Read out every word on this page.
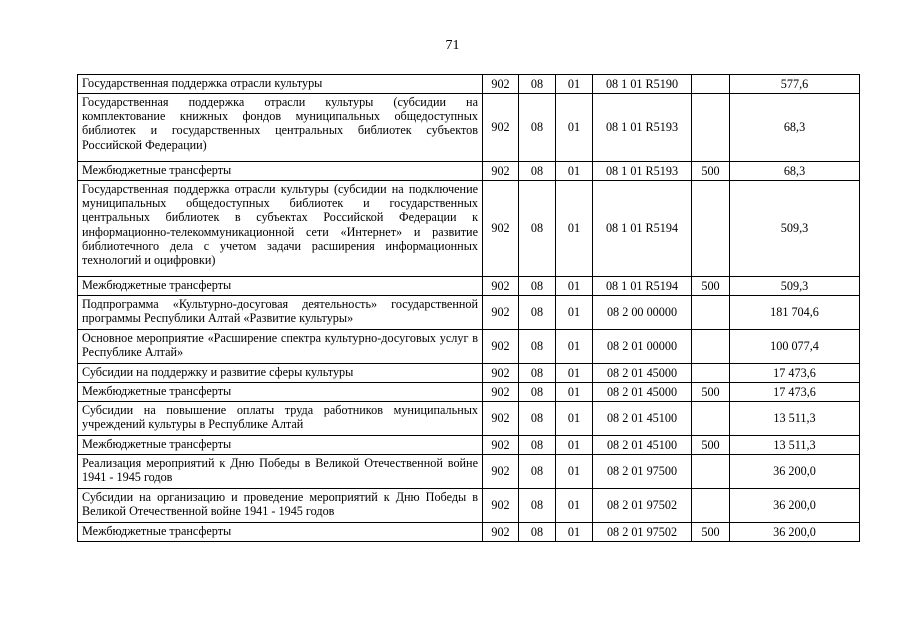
71
Государственная поддержка отрасли культуры	902	08	01	08 1 01 R5190		577,6
Государственная поддержка отрасли культуры (субсидии на комплектование книжных фондов муниципальных общедоступных библиотек и государственных центральных библиотек субъектов Российской Федерации)	902	08	01	08 1 01 R5193		68,3
Межбюджетные трансферты	902	08	01	08 1 01 R5193	500	68,3
Государственная поддержка отрасли культуры (субсидии на подключение муниципальных общедоступных библиотек и государственных центральных библиотек в субъектах Российской Федерации к информационно-телекоммуникационной сети «Интернет» и развитие библиотечного дела с учетом задачи расширения информационных технологий и оцифровки)	902	08	01	08 1 01 R5194		509,3
Межбюджетные трансферты	902	08	01	08 1 01 R5194	500	509,3
Подпрограмма «Культурно-досуговая деятельность» государственной программы Республики Алтай «Развитие культуры»	902	08	01	08 2 00 00000		181 704,6
Основное мероприятие «Расширение спектра культурно-досуговых услуг в Республике Алтай»	902	08	01	08 2 01 00000		100 077,4
Субсидии на поддержку и развитие сферы культуры	902	08	01	08 2 01 45000		17 473,6
Межбюджетные трансферты	902	08	01	08 2 01 45000	500	17 473,6
Субсидии на повышение оплаты труда работников муниципальных учреждений культуры в Республике Алтай	902	08	01	08 2 01 45100		13 511,3
Межбюджетные трансферты	902	08	01	08 2 01 45100	500	13 511,3
Реализация мероприятий к Дню Победы в Великой Отечественной войне 1941 - 1945 годов	902	08	01	08 2 01 97500		36 200,0
Субсидии на организацию и проведение мероприятий к Дню Победы в Великой Отечественной войне 1941 - 1945 годов	902	08	01	08 2 01 97502		36 200,0
Межбюджетные трансферты	902	08	01	08 2 01 97502	500	36 200,0
